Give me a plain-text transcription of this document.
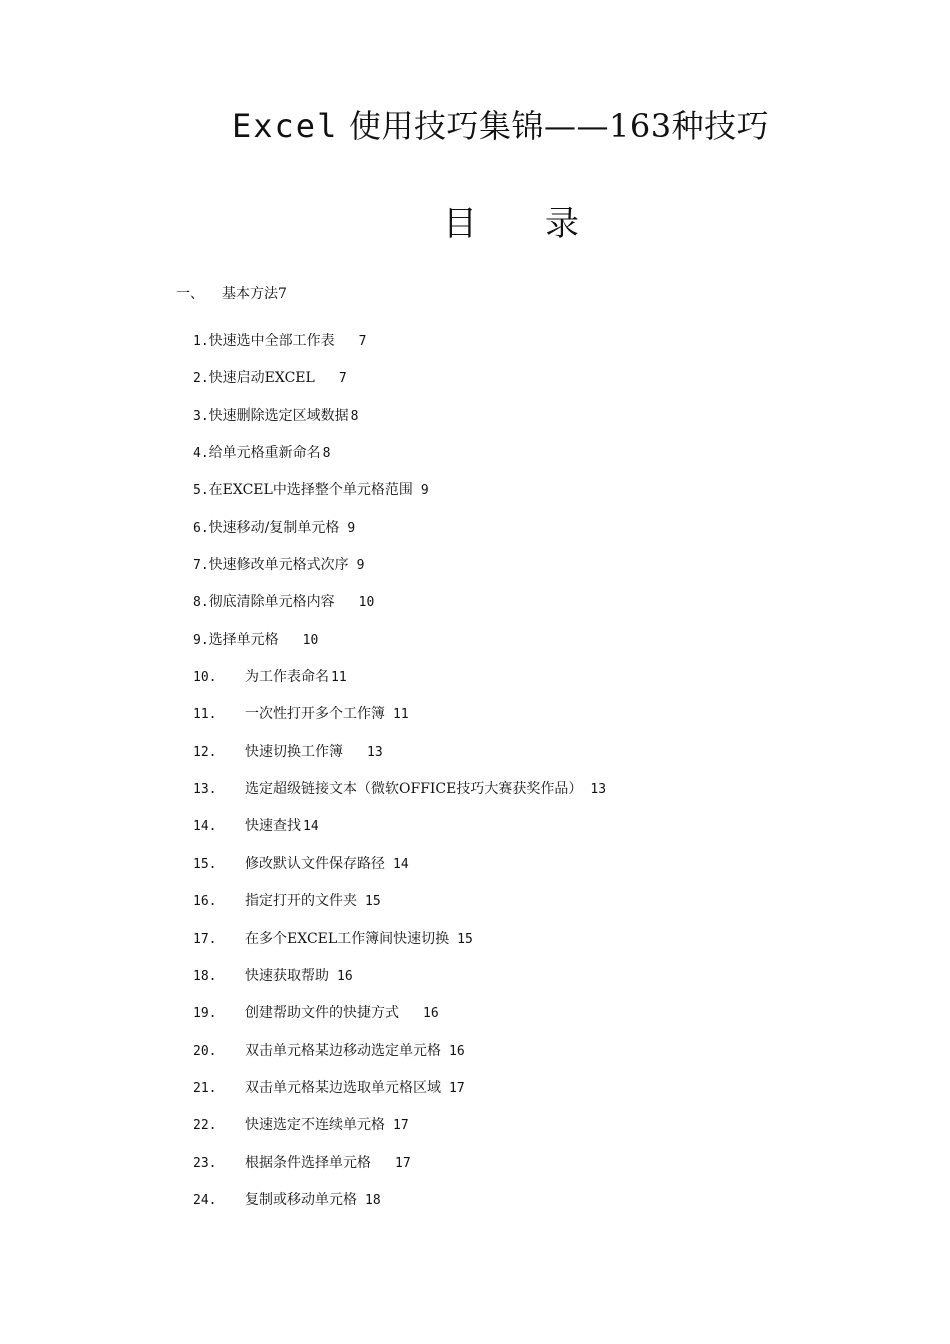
Excel 使用技巧集锦——163种技巧
目 录
一、 基本方法7
1.快速选中全部工作表 7
2.快速启动EXCEL 7
3.快速删除选定区域数据 8
4.给单元格重新命名 8
5.在EXCEL中选择整个单元格范围 9
6.快速移动/复制单元格 9
7.快速修改单元格式次序 9
8.彻底清除单元格内容 10
9.选择单元格 10
10. 为工作表命名 11
11. 一次性打开多个工作簿 11
12. 快速切换工作簿 13
13. 选定超级链接文本（微软OFFICE技巧大赛获奖作品） 13
14. 快速查找 14
15. 修改默认文件保存路径 14
16. 指定打开的文件夹 15
17. 在多个EXCEL工作簿间快速切换 15
18. 快速获取帮助 16
19. 创建帮助文件的快捷方式 16
20. 双击单元格某边移动选定单元格 16
21. 双击单元格某边选取单元格区域 17
22. 快速选定不连续单元格 17
23. 根据条件选择单元格 17
24. 复制或移动单元格 18
